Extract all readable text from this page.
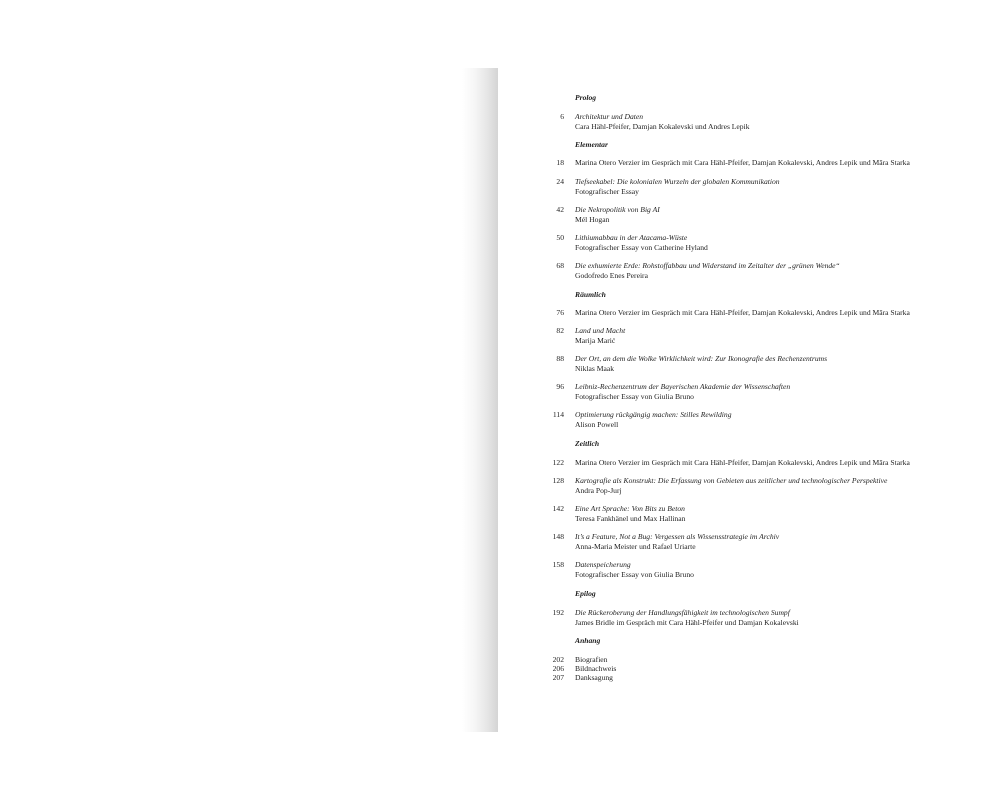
Prolog
6 Architektur und Daten
Cara Hähl-Pfeifer, Damjan Kokalevski und Andres Lepik
Elementar
18 Marina Otero Verzier im Gespräch mit Cara Hähl-Pfeifer, Damjan Kokalevski, Andres Lepik und Māra Starka
24 Tiefseekabel: Die kolonialen Wurzeln der globalen Kommunikation
Fotografischer Essay
42 Die Nekropolitik von Big AI
Mél Hogan
50 Lithiumabbau in der Atacama-Wüste
Fotografischer Essay von Catherine Hyland
68 Die exhumierte Erde: Rohstoffabbau und Widerstand im Zeitalter der „grünen Wende“
Godofredo Enes Pereira
Räumlich
76 Marina Otero Verzier im Gespräch mit Cara Hähl-Pfeifer, Damjan Kokalevski, Andres Lepik und Māra Starka
82 Land und Macht
Marija Marić
88 Der Ort, an dem die Wolke Wirklichkeit wird: Zur Ikonografie des Rechenzentrums
Niklas Maak
96 Leibniz-Rechenzentrum der Bayerischen Akademie der Wissenschaften
Fotografischer Essay von Giulia Bruno
114 Optimierung rückgängig machen: Stilles Rewilding
Alison Powell
Zeitlich
122 Marina Otero Verzier im Gespräch mit Cara Hähl-Pfeifer, Damjan Kokalevski, Andres Lepik und Māra Starka
128 Kartografie als Konstrukt: Die Erfassung von Gebieten aus zeitlicher und technologischer Perspektive
Andra Pop-Jurj
142 Eine Art Sprache: Von Bits zu Beton
Teresa Fankhänel und Max Hallinan
148 It’s a Feature, Not a Bug: Vergessen als Wissensstrategie im Archiv
Anna-Maria Meister und Rafael Uriarte
158 Datenspeicherung
Fotografischer Essay von Giulia Bruno
Epilog
192 Die Rückeroberung der Handlungsfähigkeit im technologischen Sumpf
James Bridle im Gespräch mit Cara Hähl-Pfeifer und Damjan Kokalevski
Anhang
202 Biografien
206 Bildnachweis
207 Danksagung
